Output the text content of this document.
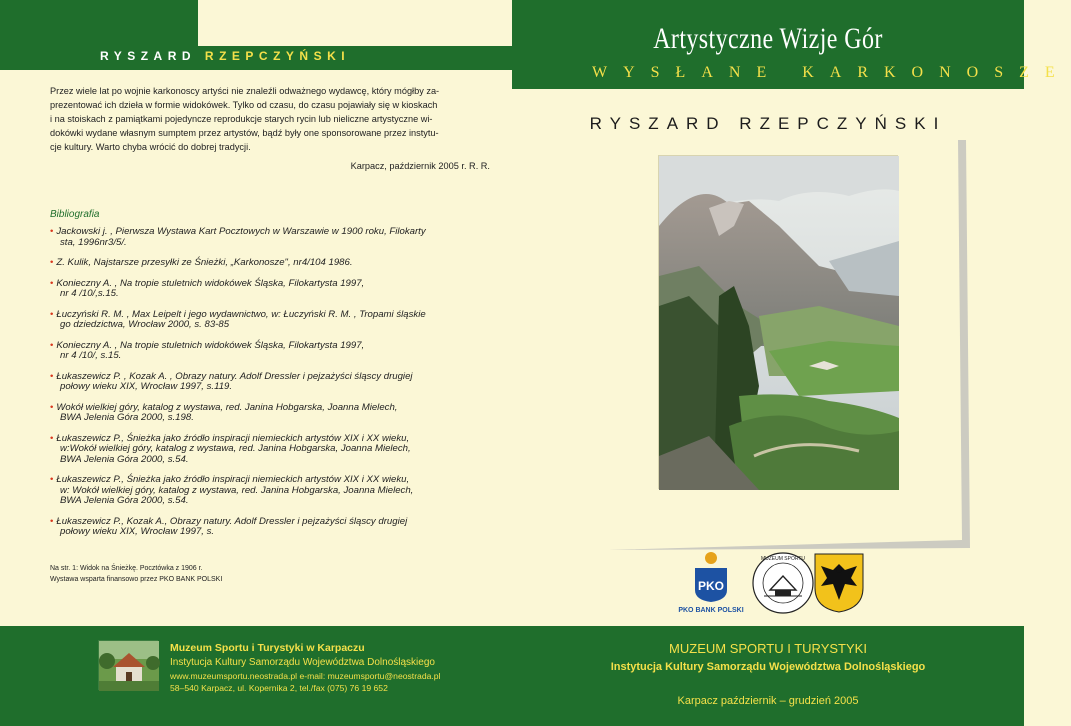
RYSZARD RZEPCZYŃSKI
Przez wiele lat po wojnie karkonoscy artyści nie znaleźli odważnego wydawcę, który mógłby za-
prezentować ich dzieła w formie widokówek. Tylko od czasu, do czasu pojawiały się w kioskach
i na stoiskach z pamiątkami pojedyncze reprodukcje starych rycin lub nieliczne artystyczne wi-
dokówki wydane własnym sumptem przez artystów, bądź były one sponsorowane przez instytu-
cje kultury. Warto chyba wrócić do dobrej tradycji.
Karpacz, październik 2005 r. R. R.
Bibliografia
• Jackowski j. , Pierwsza Wystawa Kart Pocztowych w Warszawie w 1900 roku, Filokarty
sta, 1996nr3/5/.
• Z. Kulik, Najstarsze przesyłki ze Śnieżki, „Karkonosze", nr4/104 1986.
• Konieczny A. , Na tropie stuletnich widokówek Śląska, Filokartysta 1997,
nr 4 /10/,s.15.
• Łuczyński R. M. , Max Leipelt i jego wydawnictwo, w: Łuczyński R. M. , Tropami śląskie
go dziedzictwa, Wrocław 2000, s. 83-85
• Konieczny A. , Na tropie stuletnich widokówek Śląska, Filokartysta 1997,
nr 4 /10/, s.15.
• Łukaszewicz P. , Kozak A. , Obrazy natury. Adolf Dressler i pejzażyści śląscy drugiej
połowy wieku XIX, Wrocław 1997, s.119.
• Wokół wielkiej góry, katalog z wystawa, red. Janina Hobgarska, Joanna Mielech,
BWA Jelenia Góra 2000, s.198.
• Łukaszewicz P., Śnieżka jako źródło inspiracji niemieckich artystów XIX i XX wieku,
w:Wokół wielkiej góry, katalog z wystawa, red. Janina Hobgarska, Joanna Mielech,
BWA Jelenia Góra 2000, s.54.
• Łukaszewicz P., Śnieżka jako źródło inspiracji niemieckich artystów XIX i XX wieku,
w: Wokół wielkiej góry, katalog z wystawa, red. Janina Hobgarska, Joanna Mielech,
BWA Jelenia Góra 2000, s.54.
• Łukaszewicz P., Kozak A., Obrazy natury. Adolf Dressler i pejzażyści śląscy drugiej
połowy wieku XIX, Wrocław 1997, s.
Na str. 1: Widok na Śnieżkę. Pocztówka z 1906 r.
Wystawa wsparta finansowo przez PKO BANK POLSKI
Artystyczne Wizje Gór
WYSŁANE KARKONOSZE
RYSZARD RZEPCZYŃSKI
PKO
PKO BANK POLSKI
MUZEUM SPORTU
Muzeum Sportu i Turystyki w Karpaczu
Instytucja Kultury Samorządu Województwa Dolnośląskiego
www.muzeumsportu.neostrada.pl e-mail: muzeumsportu@neostrada.pl
58–540 Karpacz, ul. Kopernika 2, tel./fax (075) 76 19 652
MUZEUM SPORTU I TURYSTYKI
Instytucja Kultury Samorządu Województwa Dolnośląskiego
Karpacz październik – grudzień 2005
